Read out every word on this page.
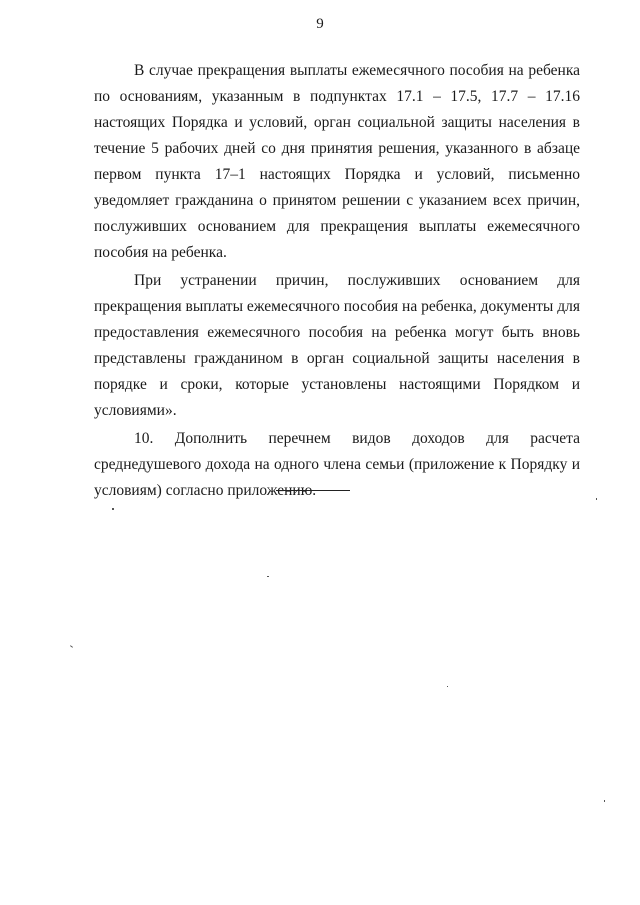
9

В случае прекращения выплаты ежемесячного пособия на ребенка по основаниям, указанным в подпунктах 17.1 – 17.5, 17.7 – 17.16 настоящих Порядка и условий, орган социальной защиты населения в течение 5 рабочих дней со дня принятия решения, указанного в абзаце первом пункта 17–1 настоящих Порядка и условий, письменно уведомляет гражданина о принятом решении с указанием всех причин, послуживших основанием для прекращения выплаты ежемесячного пособия на ребенка.

При устранении причин, послуживших основанием для прекращения выплаты ежемесячного пособия на ребенка, документы для предоставления ежемесячного пособия на ребенка могут быть вновь представлены гражданином в орган социальной защиты населения в порядке и сроки, которые установлены настоящими Порядком и условиями».

10. Дополнить перечнем видов доходов для расчета среднедушевого дохода на одного члена семьи (приложение к Порядку и условиям) согласно приложению.
